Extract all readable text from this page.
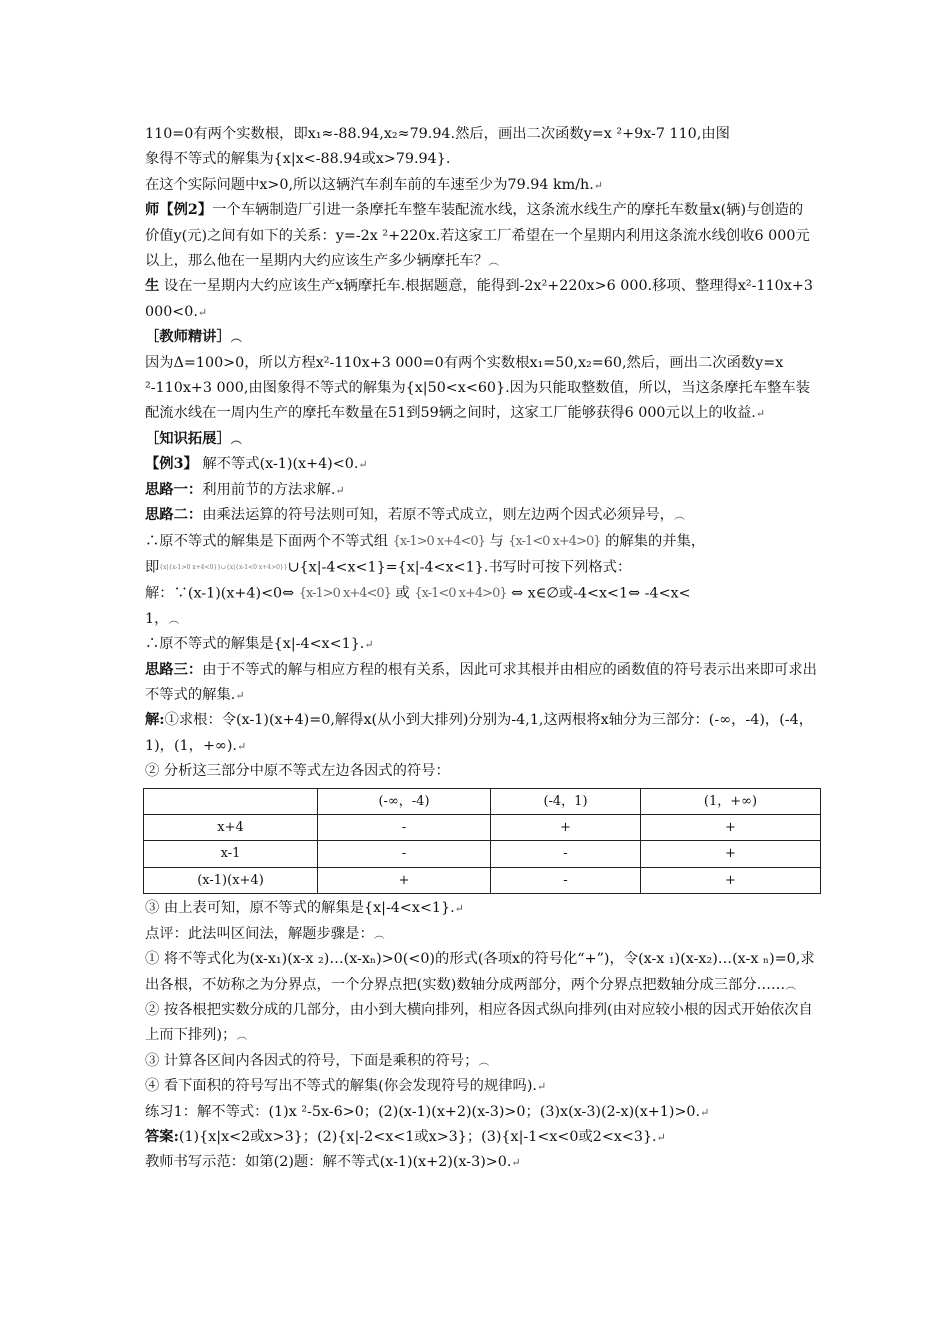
110=0有两个实数根，即x₁≈-88.94,x₂≈79.94.然后，画出二次函数y=x ²+9x-7 110,由图

象得不等式的解集为{x|x<-88.94或x>79.94}.

在这个实际问题中x>0,所以这辆汽车刹车前的车速至少为79.94 km/h.↵

师【例2】一个车辆制造厂引进一条摩托车整车装配流水线，这条流水线生产的摩托车数量x(辆)与创造的价值y(元)之间有如下的关系：y=-2x ²+220x.若这家工厂希望在一个星期内利用这条流水线创收6 000元以上，那么他在一星期内大约应该生产多少辆摩托车？︵

生 设在一星期内大约应该生产x辆摩托车.根据题意，能得到-2x²+220x>6 000.移项、整理得x²-110x+3 000<0.↵

［教师精讲］︵

因为Δ=100>0，所以方程x²-110x+3 000=0有两个实数根x₁=50,x₂=60,然后，画出二次函数y=x ²-110x+3 000,由图象得不等式的解集为{x|50<x<60}.因为只能取整数值，所以，当这条摩托车整车装配流水线在一周内生产的摩托车数量在51到59辆之间时，这家工厂能够获得6 000元以上的收益.↵

［知识拓展］︵

【例3】 解不等式(x-1)(x+4)<0.↵

思路一：利用前节的方法求解.↵

思路二：由乘法运算的符号法则可知，若原不等式成立，则左边两个因式必须异号，︵

∴原不等式的解集是下面两个不等式组 {x-1>0 x+4<0} 与 {x-1<0 x+4>0} 的解集的并集，

即{x|{x-1>0 x+4<0}}∪{x|{x-1<0 x+4>0}}∪{x|-4<x<1}={x|-4<x<1}.书写时可按下列格式：

解：∵(x-1)(x+4)<0⇔ {x-1>0 x+4<0} 或 {x-1<0 x+4>0} ⇔ x∈∅或-4<x<1⇔ -4<x<

1，︵

∴原不等式的解集是{x|-4<x<1}.↵

思路三：由于不等式的解与相应方程的根有关系，因此可求其根并由相应的函数值的符号表示出来即可求出不等式的解集.↵

解:①求根：令(x-1)(x+4)=0,解得x(从小到大排列)分别为-4,1,这两根将x轴分为三部分：(-∞，-4)，(-4，1)，(1，+∞).↵

② 分析这三部分中原不等式左边各因式的符号：

	(-∞，-4)	(-4，1)	(1，+∞)
x+4	-	+	+
x-1	-	-	+
(x-1)(x+4)	+	-	+

③ 由上表可知，原不等式的解集是{x|-4<x<1}.↵

点评：此法叫区间法，解题步骤是：︵

① 将不等式化为(x-x₁)(x-x ₂)…(x-xₙ)>0(<0)的形式(各项x的符号化“+”)，令(x-x ₁)(x-x₂)…(x-x ₙ)=0,求出各根，不妨称之为分界点，一个分界点把(实数)数轴分成两部分，两个分界点把数轴分成三部分……︵

② 按各根把实数分成的几部分，由小到大横向排列，相应各因式纵向排列(由对应较小根的因式开始依次自上而下排列)；︵

③ 计算各区间内各因式的符号，下面是乘积的符号；︵

④ 看下面积的符号写出不等式的解集(你会发现符号的规律吗).↵

练习1：解不等式：(1)x ²-5x-6>0；(2)(x-1)(x+2)(x-3)>0；(3)x(x-3)(2-x)(x+1)>0.↵

答案:(1){x|x<2或x>3}；(2){x|-2<x<1或x>3}；(3){x|-1<x<0或2<x<3}.↵

教师书写示范：如第(2)题：解不等式(x-1)(x+2)(x-3)>0.↵
